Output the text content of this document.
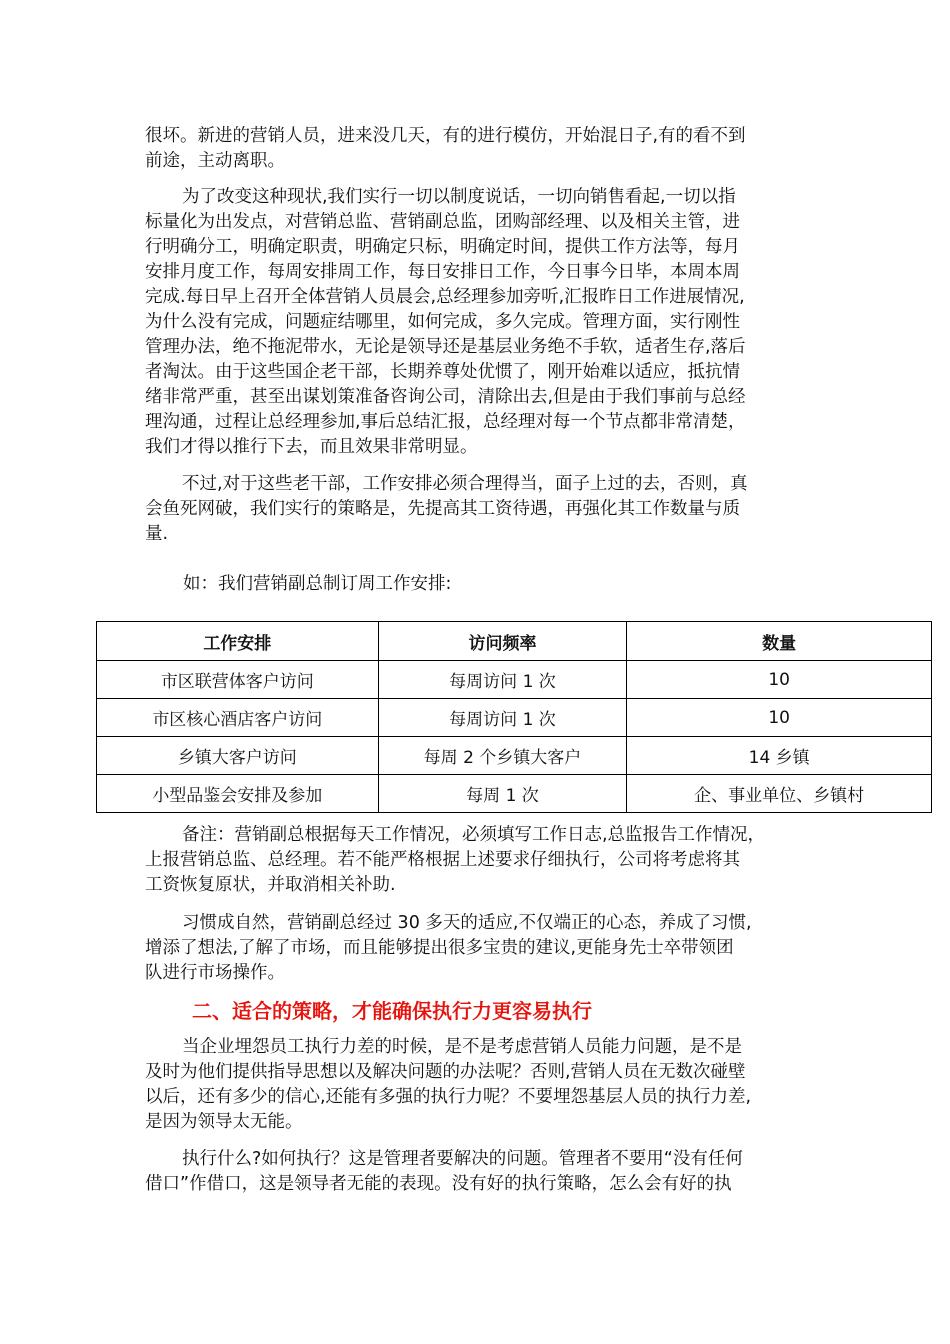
很坏。新进的营销人员，进来没几天，有的进行模仿，开始混日子,有的看不到
前途，主动离职。
为了改变这种现状,我们实行一切以制度说话，一切向销售看起,一切以指
标量化为出发点，对营销总监、营销副总监，团购部经理、以及相关主管，进
行明确分工，明确定职责，明确定只标，明确定时间，提供工作方法等，每月
安排月度工作，每周安排周工作，每日安排日工作，今日事今日毕，本周本周
完成.每日早上召开全体营销人员晨会,总经理参加旁听,汇报昨日工作进展情况,
为什么没有完成，问题症结哪里，如何完成，多久完成。管理方面，实行刚性
管理办法，绝不拖泥带水，无论是领导还是基层业务绝不手软，适者生存,落后
者淘汰。由于这些国企老干部，长期养尊处优惯了，刚开始难以适应，抵抗情
绪非常严重，甚至出谋划策准备咨询公司，清除出去,但是由于我们事前与总经
理沟通，过程让总经理参加,事后总结汇报，总经理对每一个节点都非常清楚，
我们才得以推行下去，而且效果非常明显。
不过,对于这些老干部，工作安排必须合理得当，面子上过的去，否则，真
会鱼死网破，我们实行的策略是，先提高其工资待遇，再强化其工作数量与质
量.
如：我们营销副总制订周工作安排:
工作安排	访问频率	数量
市区联营体客户访问	每周访问 1 次	10
市区核心酒店客户访问	每周访问 1 次	10
乡镇大客户访问	每周 2 个乡镇大客户	14 乡镇
小型品鉴会安排及参加	每周 1 次	企、事业单位、乡镇村
备注：营销副总根据每天工作情况，必须填写工作日志,总监报告工作情况，
上报营销总监、总经理。若不能严格根据上述要求仔细执行，公司将考虑将其
工资恢复原状，并取消相关补助.
习惯成自然，营销副总经过 30 多天的适应,不仅端正的心态，养成了习惯,
增添了想法,了解了市场，而且能够提出很多宝贵的建议,更能身先士卒带领团
队进行市场操作。
二、适合的策略，才能确保执行力更容易执行
当企业埋怨员工执行力差的时候，是不是考虑营销人员能力问题，是不是
及时为他们提供指导思想以及解决问题的办法呢？否则,营销人员在无数次碰壁
以后，还有多少的信心,还能有多强的执行力呢？不要埋怨基层人员的执行力差,
是因为领导太无能。
执行什么?如何执行？这是管理者要解决的问题。管理者不要用“没有任何
借口”作借口，这是领导者无能的表现。没有好的执行策略，怎么会有好的执
